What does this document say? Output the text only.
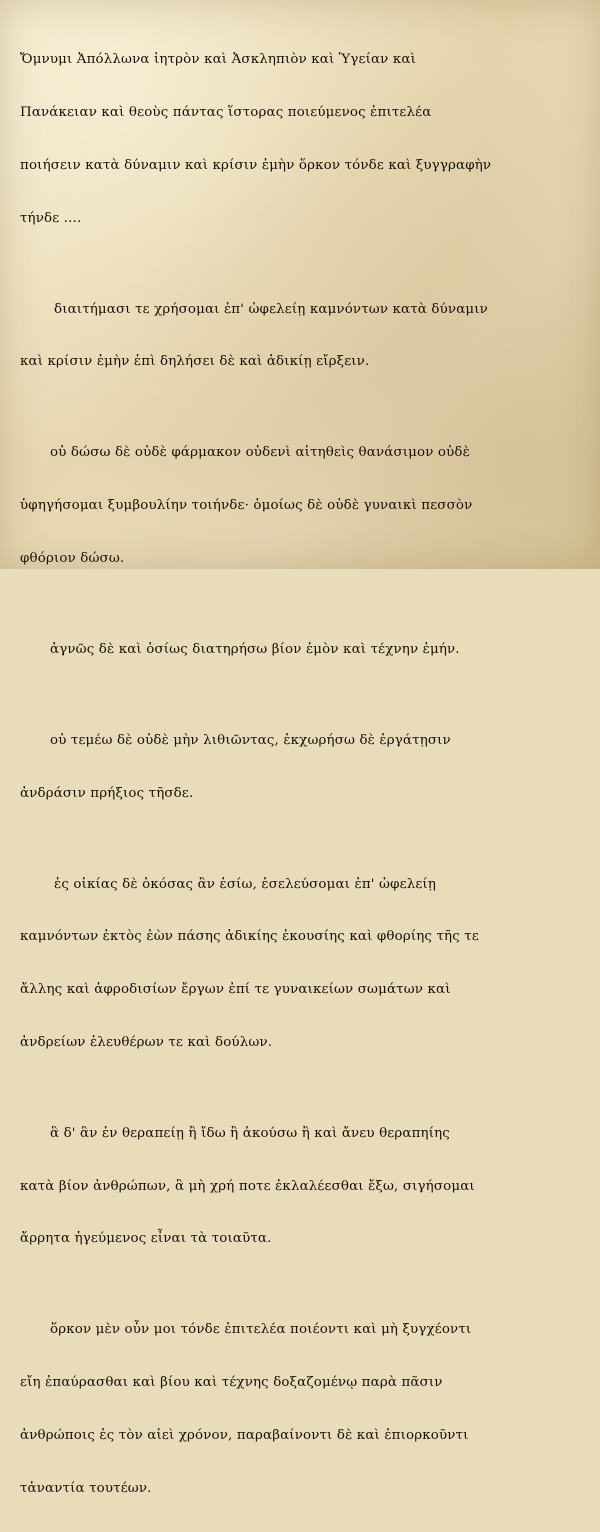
Ὄμνυμι Ἀπόλλωνα ἰητρὸν καὶ Ἀσκληπιὸν καὶ Ὑγείαν καὶ

Πανάκειαν καὶ θεοὺς πάντας ἵστορας ποιεύμενος ἐπιτελέα

ποιήσειν κατὰ δύναμιν καὶ κρίσιν ἐμὴν ὅρκον τόνδε καὶ ξυγγραφὴν

τήνδε ....

διαιτήμασι τε χρήσομαι ἐπ' ὠφελείῃ καμνόντων κατὰ δύναμιν

καὶ κρίσιν ἐμὴν ἐπὶ δηλήσει δὲ καὶ ἀδικίῃ εἴρξειν.

οὐ δώσω δὲ οὐδὲ φάρμακον οὐδενὶ αἰτηθεὶς θανάσιμον οὐδὲ

ὑφηγήσομαι ξυμβουλίην τοιήνδε· ὁμοίως δὲ οὐδὲ γυναικὶ πεσσὸν

φθόριον δώσω.

ἁγνῶς δὲ καὶ ὁσίως διατηρήσω βίον ἐμὸν καὶ τέχνην ἐμήν.

οὐ τεμέω δὲ οὐδὲ μὴν λιθιῶντας, ἐκχωρήσω δὲ ἐργάτῃσιν

ἀνδράσιν πρήξιος τῆσδε.

ἐς οἰκίας δὲ ὁκόσας ἂν ἐσίω, ἐσελεύσομαι ἐπ' ὠφελείῃ

καμνόντων ἐκτὸς ἐὼν πάσης ἀδικίης ἑκουσίης καὶ φθορίης τῆς τε

ἄλλης καὶ ἀφροδισίων ἔργων ἐπί τε γυναικείων σωμάτων καὶ

ἀνδρείων ἐλευθέρων τε καὶ δούλων.

ἃ δ' ἂν ἐν θεραπείῃ ἢ ἴδω ἢ ἀκούσω ἢ καὶ ἄνευ θεραπηίης

κατὰ βίον ἀνθρώπων, ἃ μὴ χρή ποτε ἐκλαλέεσθαι ἔξω, σιγήσομαι

ἄρρητα ἡγεύμενος εἶναι τὰ τοιαῦτα.

ὅρκον μὲν οὖν μοι τόνδε ἐπιτελέα ποιέοντι καὶ μὴ ξυγχέοντι

εἴη ἐπαύρασθαι καὶ βίου καὶ τέχνης δοξαζομένῳ παρὰ πᾶσιν

ἀνθρώποις ἐς τὸν αἰεὶ χρόνον, παραβαίνοντι δὲ καὶ ἐπιορκοῦντι

τἀναντία τουτέων.
